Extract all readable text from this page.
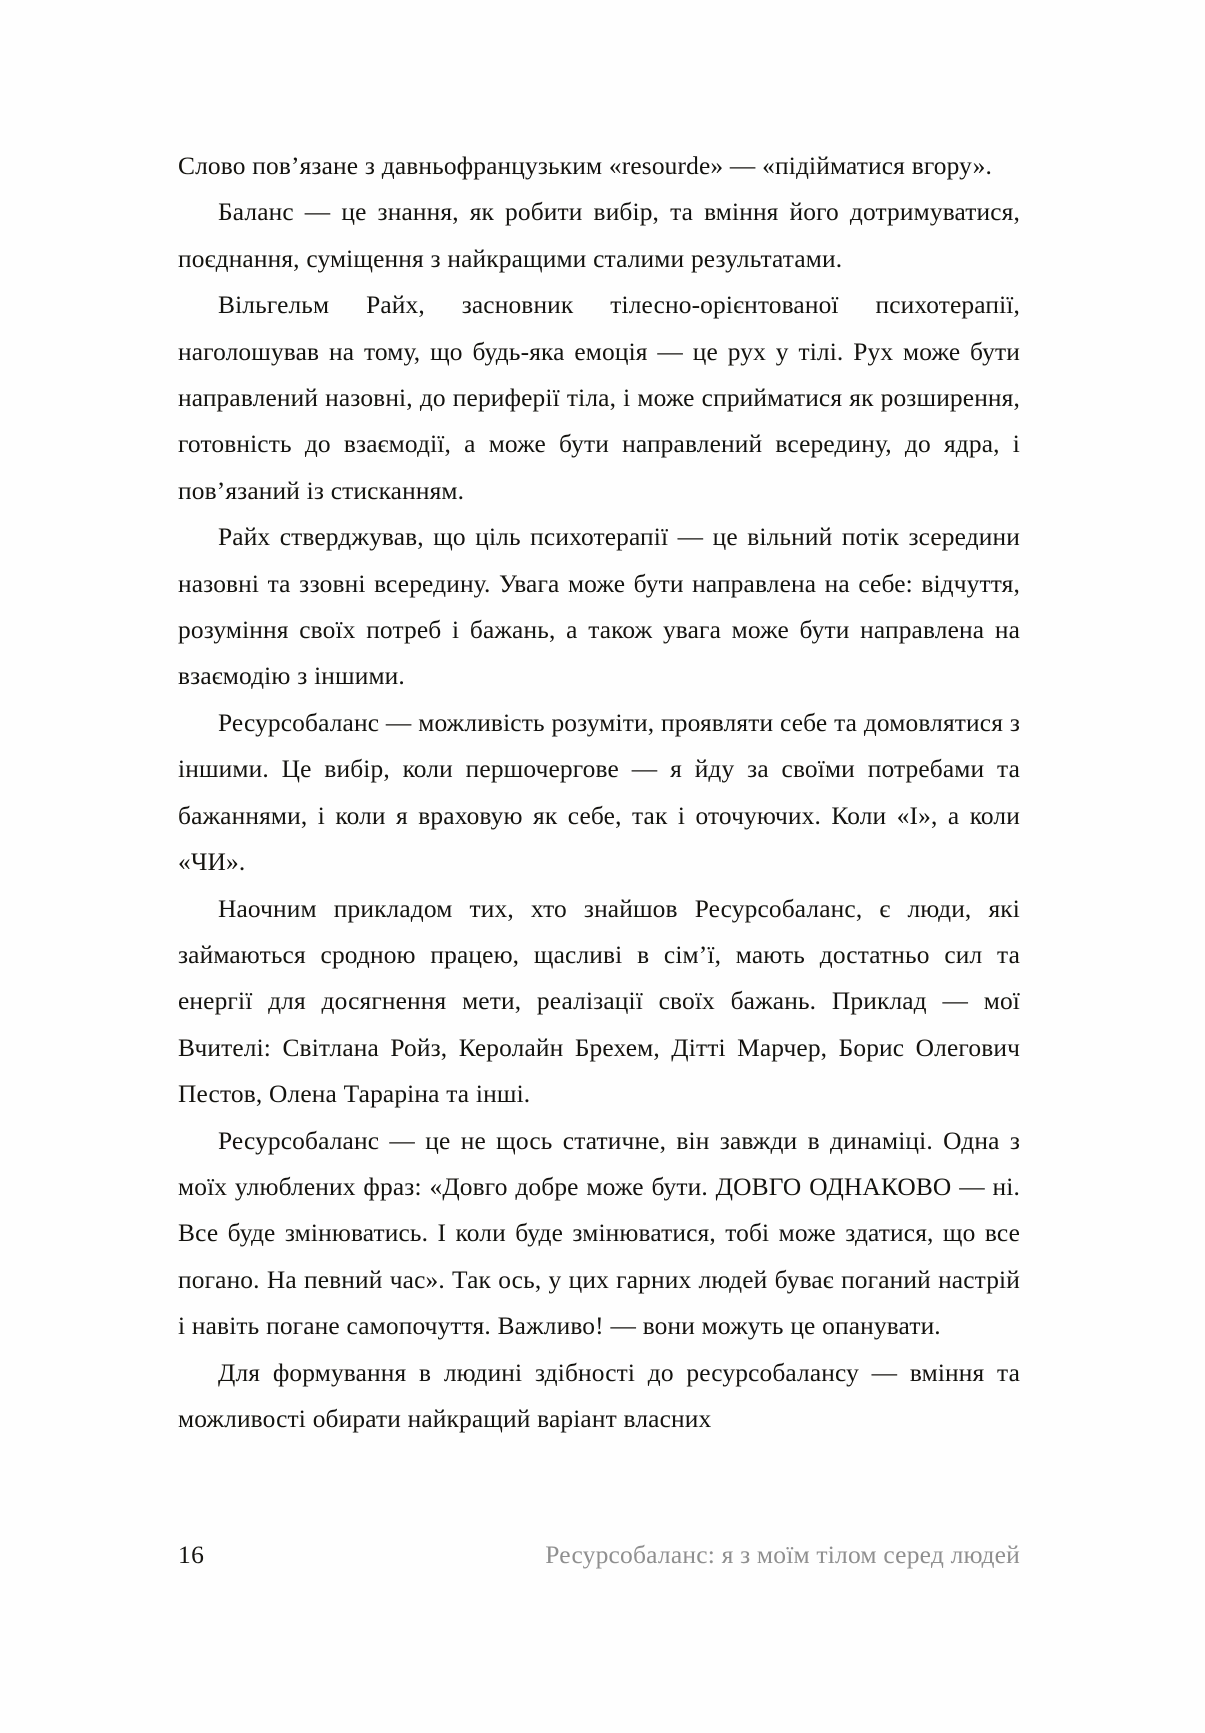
Слово пов’язане з давньофранцузьким «resourde» — «підійматися вгору».

Баланс — це знання, як робити вибір, та вміння його дотримуватися, поєднання, суміщення з найкращими сталими результатами.

Вільгельм Райх, засновник тілесно-орієнтованої психотерапії, наголошував на тому, що будь-яка емоція — це рух у тілі. Рух може бути направлений назовні, до периферії тіла, і може сприйматися як розширення, готовність до взаємодії, а може бути направлений всередину, до ядра, і пов’язаний із стисканням.

Райх стверджував, що ціль психотерапії — це вільний потік зсередини назовні та ззовні всередину. Увага може бути направлена на себе: відчуття, розуміння своїх потреб і бажань, а також увага може бути направлена на взаємодію з іншими.

Ресурсобаланс — можливість розуміти, проявляти себе та домовлятися з іншими. Це вибір, коли першочергове — я йду за своїми потребами та бажаннями, і коли я враховую як себе, так і оточуючих. Коли «І», а коли «ЧИ».

Наочним прикладом тих, хто знайшов Ресурсобаланс, є люди, які займаються сродною працею, щасливі в сім’ї, мають достатньо сил та енергії для досягнення мети, реалізації своїх бажань. Приклад — мої Вчителі: Світлана Ройз, Керолайн Брехем, Дітті Марчер, Борис Олегович Пестов, Олена Тараріна та інші.

Ресурсобаланс — це не щось статичне, він завжди в динаміці. Одна з моїх улюблених фраз: «Довго добре може бути. ДОВГО ОДНАКОВО — ні. Все буде змінюватись. І коли буде змінюватися, тобі може здатися, що все погано. На певний час». Так ось, у цих гарних людей буває поганий настрій і навіть погане самопочуття. Важливо! — вони можуть це опанувати.

Для формування в людині здібності до ресурсобалансу — вміння та можливості обирати найкращий варіант власних

16	Ресурсобаланс: я з моїм тілом серед людей
